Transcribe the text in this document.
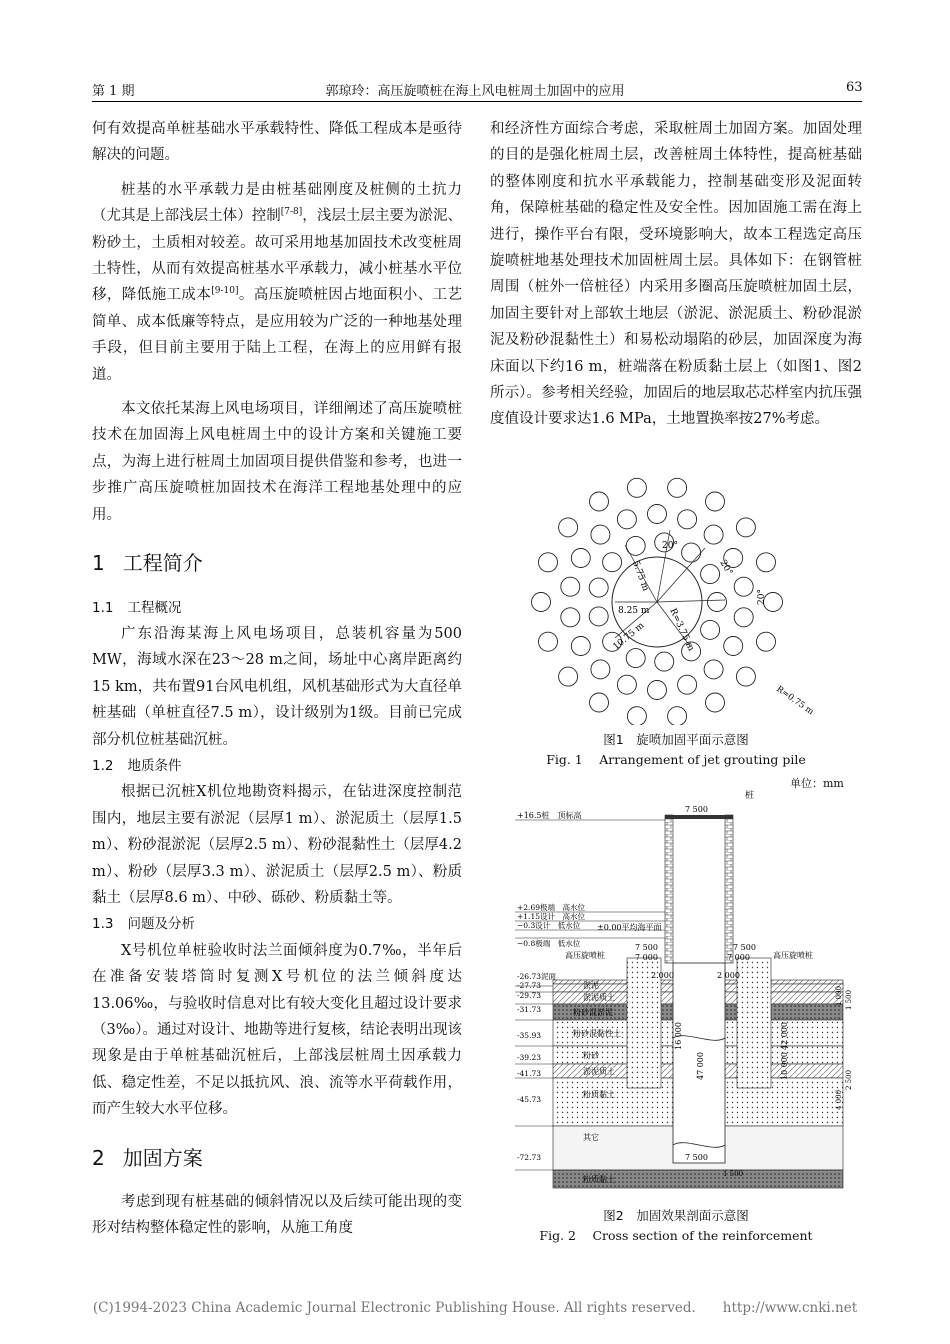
第 1 期	郭琼玲：高压旋喷桩在海上风电桩周土加固中的应用	63

何有效提高单桩基础水平承载特性、降低工程成本是亟待解决的问题。

桩基的水平承载力是由桩基础刚度及桩侧的土抗力（尤其是上部浅层土体）控制[7-8]，浅层土层主要为淤泥、粉砂土，土质相对较差。故可采用地基加固技术改变桩周土特性，从而有效提高桩基水平承载力，减小桩基水平位移，降低施工成本[9-10]。高压旋喷桩因占地面积小、工艺简单、成本低廉等特点，是应用较为广泛的一种地基处理手段，但目前主要用于陆上工程，在海上的应用鲜有报道。

本文依托某海上风电场项目，详细阐述了高压旋喷桩技术在加固海上风电桩周土中的设计方案和关键施工要点，为海上进行桩周土加固项目提供借鉴和参考，也进一步推广高压旋喷桩加固技术在海洋工程地基处理中的应用。

1 工程简介
1.1 工程概况

广东沿海某海上风电场项目，总装机容量为500 MW，海域水深在23～28 m之间，场址中心离岸距离约15 km，共布置91台风电机组，风机基础形式为大直径单桩基础（单桩直径7.5 m），设计级别为1级。目前已完成部分机位桩基础沉桩。

1.2 地质条件

根据已沉桩X机位地勘资料揭示，在钻进深度控制范围内，地层主要有淤泥（层厚1 m）、淤泥质土（层厚1.5 m）、粉砂混淤泥（层厚2.5 m）、粉砂混黏性土（层厚4.2 m）、粉砂（层厚3.3 m）、淤泥质土（层厚2.5 m）、粉质黏土（层厚8.6 m）、中砂、砾砂、粉质黏土等。

1.3 问题及分析

X号机位单桩验收时法兰面倾斜度为0.7‰，半年后在准备安装塔筒时复测X号机位的法兰倾斜度达13.06‰，与验收时信息对比有较大变化且超过设计要求（3‰）。通过对设计、地勘等进行复核，结论表明出现该现象是由于单桩基础沉桩后，上部浅层桩周土因承载力低、稳定性差，不足以抵抗风、浪、流等水平荷载作用，而产生较大水平位移。

2 加固方案

考虑到现有桩基础的倾斜情况以及后续可能出现的变形对结构整体稳定性的影响，从施工角度

和经济性方面综合考虑，采取桩周土加固方案。加固处理的目的是强化桩周土层，改善桩周土体特性，提高桩基础的整体刚度和抗水平承载能力，控制基础变形及泥面转角，保障桩基础的稳定性及安全性。因加固施工需在海上进行，操作平台有限，受环境影响大，故本工程选定高压旋喷桩地基处理技术加固桩周土层。具体如下：在钢管桩周围（桩外一倍桩径）内采用多圈高压旋喷桩加固土层，加固主要针对上部软土地层（淤泥、淤泥质土、粉砂混淤泥及粉砂混黏性土）和易松动塌陷的砂层，加固深度为海床面以下约16 m，桩端落在粉质黏土层上（如图1、图2所示）。参考相关经验，加固后的地层取芯芯样室内抗压强度值设计要求达1.6 MPa，土地置换率按27%考虑。

20°
20°
20°
5.75 m
8.25 m
10.75 m R=3.75 m
R=0.75 m
图1　旋喷加固平面示意图
Fig. 1　 Arrangement of jet grouting pile
单位：mm
桩
7 500
+16.5桩　顶标高
+2.69极端　高水位
+1.15设计　高水位
−0.3设计　低水位
−0.8极端　低水位
±0.00平均海平面
高压旋喷桩	高压旋喷桩
7 500
7 000
2 000
7 500
7 000
2 000
淤泥
淤泥质土
粉砂混淤泥
粉砂混黏性土
粉砂
淤泥质土
粉质黏土
其它
粉质黏土
-26.73泥面
-27.73
-29.73
-31.73
-35.93
-39.23
-41.73
-45.73
-72.73
16 000
47 000
42 000
10 000
1 000 1 500
4 000
2 500
7 500
1 500
图2　加固效果剖面示意图
Fig. 2　 Cross section of the reinforcement
(C)1994-2023 China Academic Journal Electronic Publishing House. All rights reserved.　　http://www.cnki.net
